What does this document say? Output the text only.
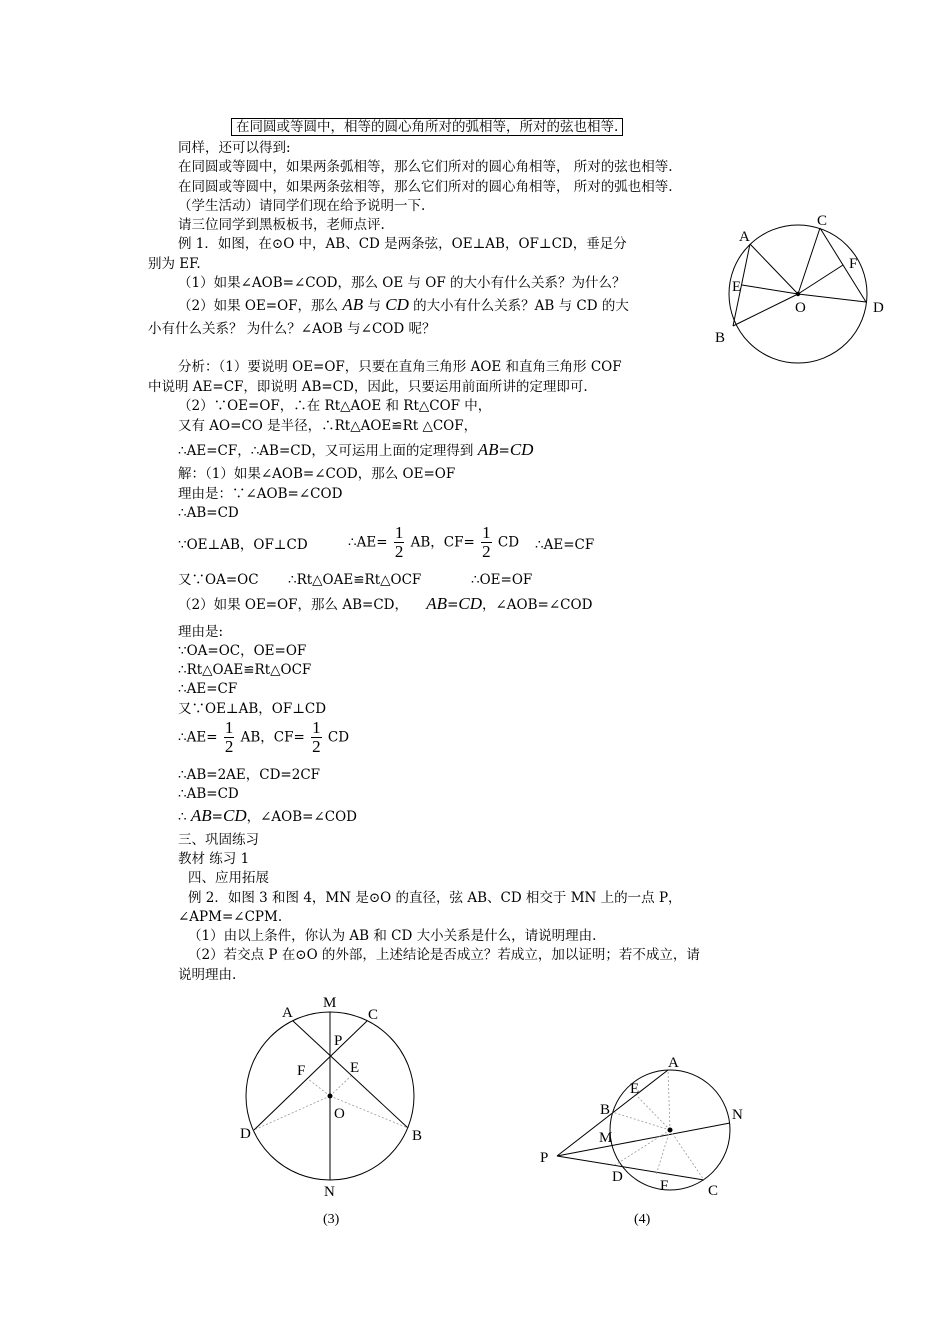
在同圆或等圆中，相等的圆心角所对的弧相等，所对的弦也相等.
同样，还可以得到:
在同圆或等圆中，如果两条弧相等，那么它们所对的圆心角相等， 所对的弦也相等.
在同圆或等圆中，如果两条弦相等，那么它们所对的圆心角相等， 所对的弧也相等.
（学生活动）请同学们现在给予说明一下.
请三位同学到黑板板书，老师点评.
例 1．如图，在⊙O 中，AB、CD 是两条弦，OE⊥AB，OF⊥CD，垂足分
别为 EF.
（1）如果∠AOB=∠COD，那么 OE 与 OF 的大小有什么关系？为什么？
（2）如果 OE=OF，那么 AB 与 CD 的大小有什么关系？AB 与 CD 的大
小有什么关系？ 为什么？∠AOB 与∠COD 呢？
分析：（1）要说明 OE=OF，只要在直角三角形 AOE 和直角三角形 COF
中说明 AE=CF，即说明 AB=CD，因此，只要运用前面所讲的定理即可.
（2）∵OE=OF，∴在 Rt△AOE 和 Rt△COF 中，
又有 AO=CO 是半径，∴Rt△AOE≌Rt △COF，
∴AE=CF，∴AB=CD，又可运用上面的定理得到 AB=CD
解：（1）如果∠AOB=∠COD，那么 OE=OF
理由是：∵∠AOB=∠COD
∴AB=CD
∵OE⊥AB，OF⊥CD	∴AE= $\frac{1}{2}$ AB，$CF= \frac{1}{2}$ CD ∴AE=CF
又∵OA=OC ∴Rt△OAE≌Rt△OCF	∴OE=OF
（2）如果 OE=OF，那么 AB=CD， AB=CD，∠AOB=∠COD
理由是:
∵OA=OC，OE=OF
∴Rt△OAE≌Rt△OCF
∴AE=CF
又∵OE⊥AB，OF⊥CD
∴AE= $\frac{1}{2}$ AB，$CF= \frac{1}{2}$ CD
∴AB=2AE，CD=2CF
∴AB=CD
∴ AB=CD，∠AOB=∠COD
三、巩固练习
教材 练习 1
四、应用拓展
例 2．如图 3 和图 4，MN 是⊙O 的直径，弦 AB、CD 相交于 MN 上的一点 P，
∠APM=∠CPM.
（1）由以上条件，你认为 AB 和 CD 大小关系是什么，请说明理由.
（2）若交点 P 在⊙O 的外部，上述结论是否成立？若成立，加以证明；若不成立，请
说明理由.
A
B
C
D
E
F
O
M
N
A
B
C
D
P
E
F
O
(3)
A
B
C
D
E
F
M
N
P
(4)
